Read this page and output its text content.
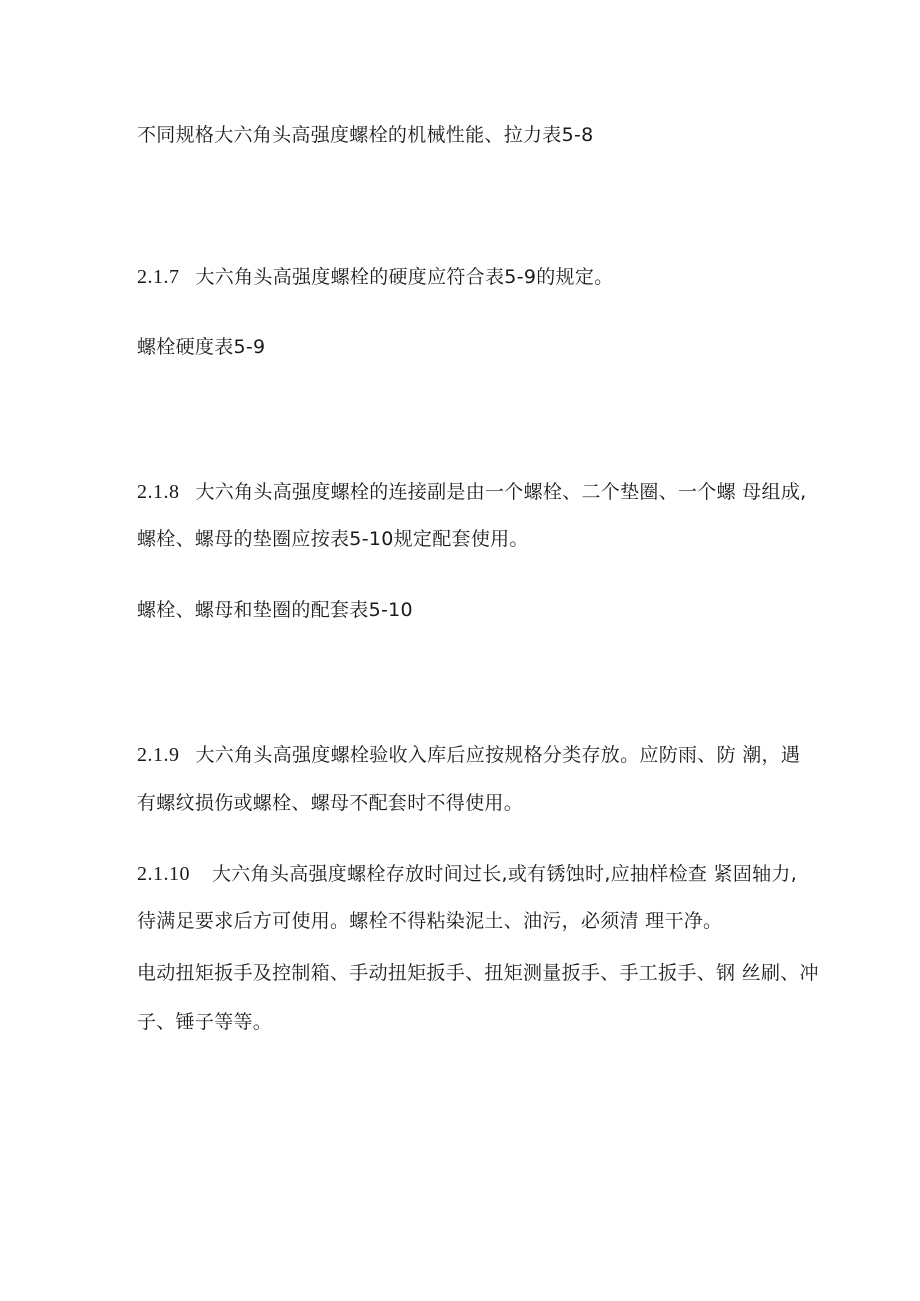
不同规格大六角头高强度螺栓的机械性能、拉力表5-8

2.1.7 大六角头高强度螺栓的硬度应符合表5-9的规定。

螺栓硬度表5-9

2.1.8 大六角头高强度螺栓的连接副是由一个螺栓、二个垫圈、一个螺 母组成,

螺栓、螺母的垫圈应按表5-10规定配套使用。

螺栓、螺母和垫圈的配套表5-10

2.1.9 大六角头高强度螺栓验收入库后应按规格分类存放。应防雨、防 潮，遇

有螺纹损伤或螺栓、螺母不配套时不得使用。

2.1.10 大六角头高强度螺栓存放时间过长,或有锈蚀时,应抽样检查 紧固轴力,

待满足要求后方可使用。螺栓不得粘染泥土、油污，必须清 理干净。

电动扭矩扳手及控制箱、手动扭矩扳手、扭矩测量扳手、手工扳手、钢 丝刷、冲

子、锤子等等。
